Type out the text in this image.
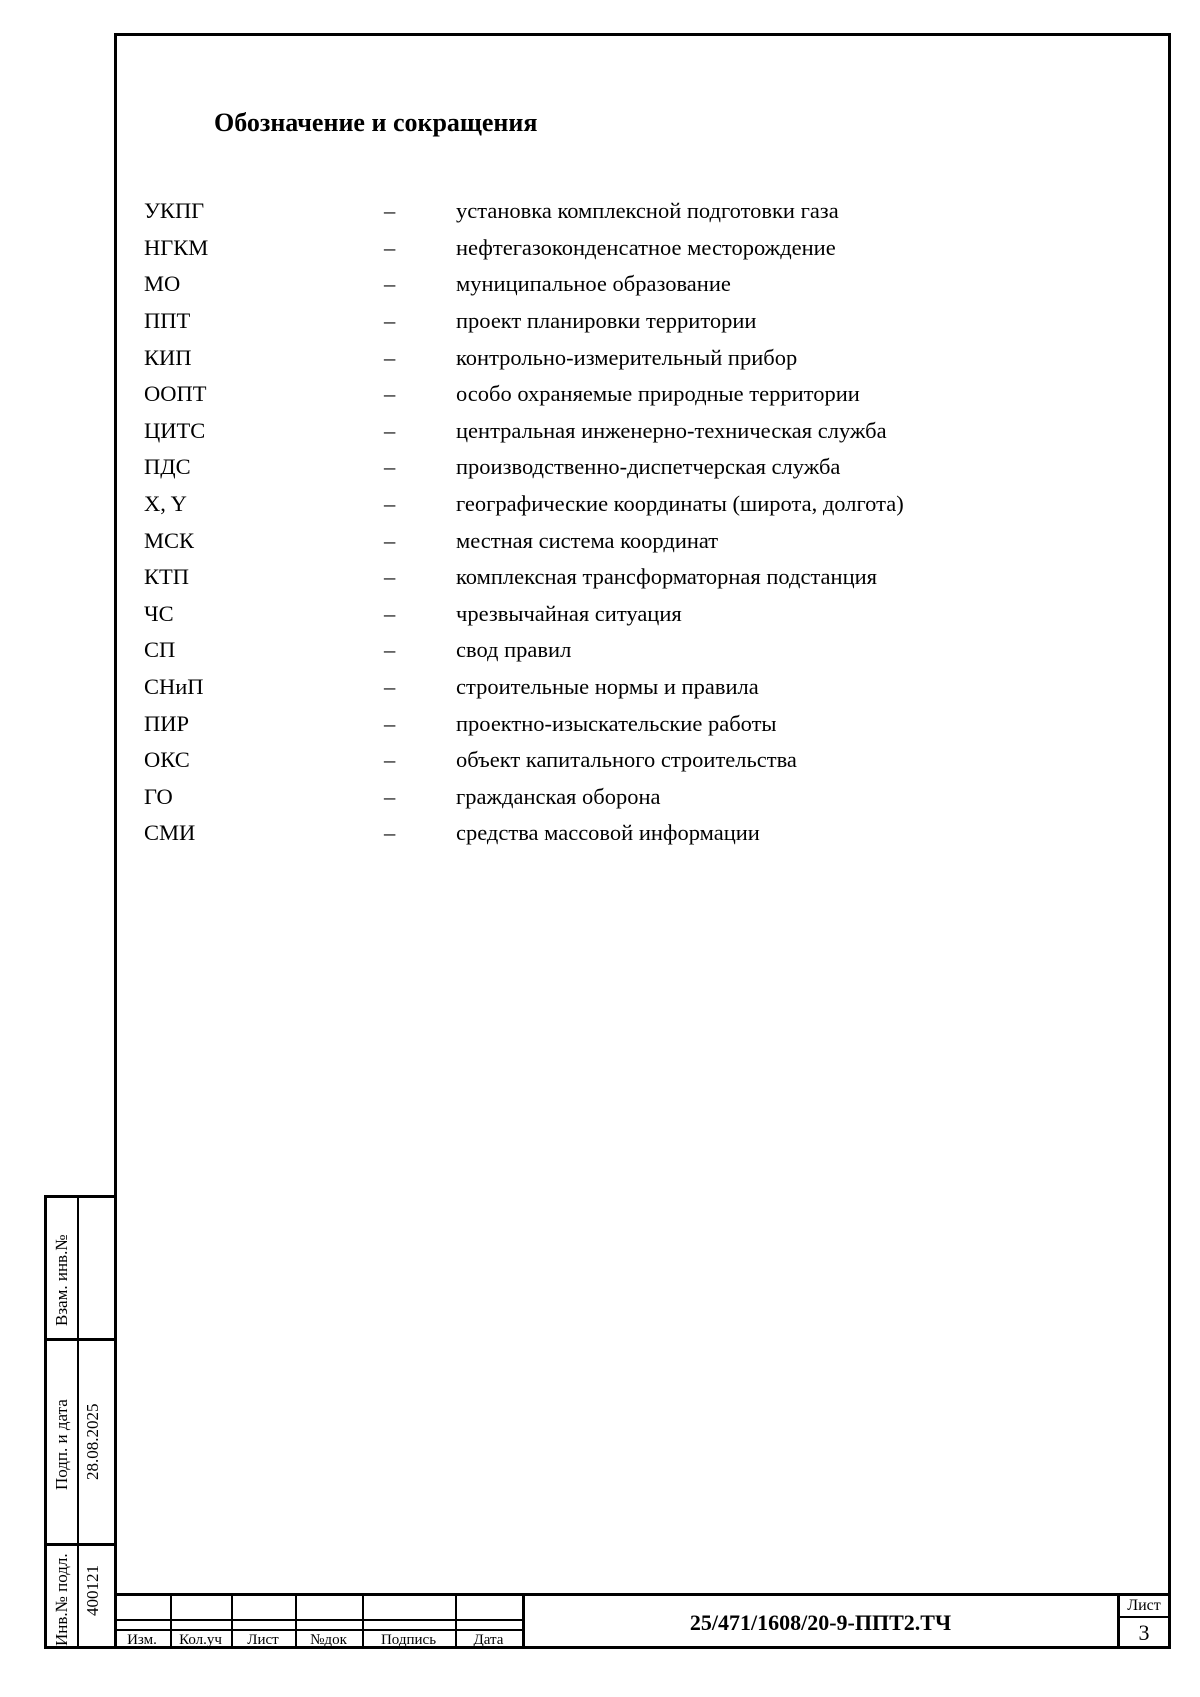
Обозначение и сокращения
УКПГ	–	установка комплексной подготовки газа
НГКМ	–	нефтегазоконденсатное месторождение
МО	–	муниципальное образование
ППТ	–	проект планировки территории
КИП	–	контрольно-измерительный прибор
ООПТ	–	особо охраняемые природные территории
ЦИТС	–	центральная инженерно-техническая служба
ПДС	–	производственно-диспетчерская служба
X, Y	–	географические координаты (широта, долгота)
МСК	–	местная система координат
КТП	–	комплексная трансформаторная подстанция
ЧС	–	чрезвычайная ситуация
СП	–	свод правил
СНиП	–	строительные нормы и правила
ПИР	–	проектно-изыскательские работы
ОКС	–	объект капитального строительства
ГО	–	гражданская оборона
СМИ	–	средства массовой информации
Взам. инв.№
Подп. и дата 28.08.2025
Инв.№ подл. 400121
Изм.	Кол.уч	Лист	№док	Подпись	Дата
25/471/1608/20-9-ППТ2.ТЧ
Лист
3
